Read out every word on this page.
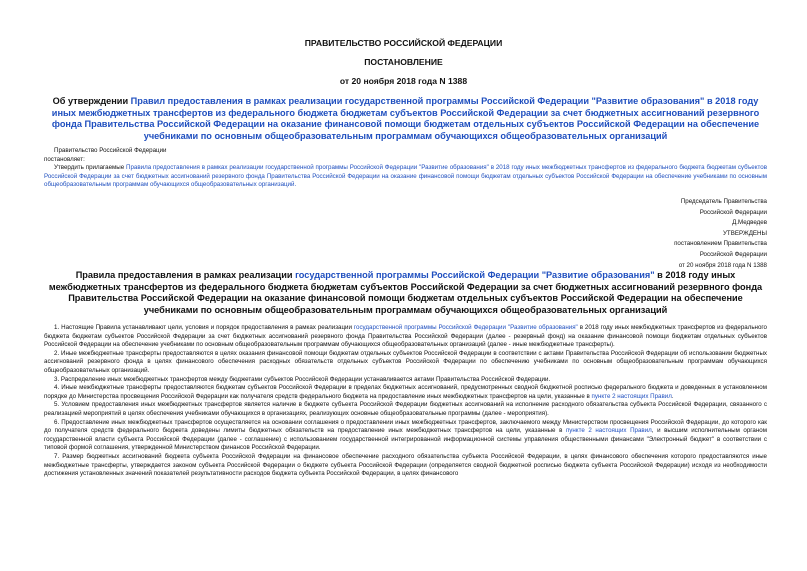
ПРАВИТЕЛЬСТВО РОССИЙСКОЙ ФЕДЕРАЦИИ
ПОСТАНОВЛЕНИЕ
от 20 ноября 2018 года N 1388
Об утверждении Правил предоставления в рамках реализации государственной программы Российской Федерации "Развитие образования" в 2018 году иных межбюджетных трансфертов из федерального бюджета бюджетам субъектов Российской Федерации за счет бюджетных ассигнований резервного фонда Правительства Российской Федерации на оказание финансовой помощи бюджетам отдельных субъектов Российской Федерации на обеспечение учебниками по основным общеобразовательным программам обучающихся общеобразовательных организаций
Правительство Российской Федерации
постановляет:
Утвердить прилагаемые Правила предоставления в рамках реализации государственной программы Российской Федерации "Развитие образования" в 2018 году иных межбюджетных трансфертов из федерального бюджета бюджетам субъектов Российской Федерации за счет бюджетных ассигнований резервного фонда Правительства Российской Федерации на оказание финансовой помощи бюджетам отдельных субъектов Российской Федерации на обеспечение учебниками по основным общеобразовательным программам обучающихся общеобразовательных организаций.
Председатель Правительства
Российской Федерации
Д.Медведев
УТВЕРЖДЕНЫ
постановлением Правительства
Российской Федерации
от 20 ноября 2018 года N 1388
Правила предоставления в рамках реализации государственной программы Российской Федерации "Развитие образования" в 2018 году иных межбюджетных трансфертов из федерального бюджета бюджетам субъектов Российской Федерации за счет бюджетных ассигнований резервного фонда Правительства Российской Федерации на оказание финансовой помощи бюджетам отдельных субъектов Российской Федерации на обеспечение учебниками по основным общеобразовательным программам обучающихся общеобразовательных организаций
1. Настоящие Правила устанавливают цели, условия и порядок предоставления в рамках реализации государственной программы Российской Федерации "Развитие образования" в 2018 году иных межбюджетных трансфертов из федерального бюджета бюджетам субъектов Российской Федерации за счет бюджетных ассигнований резервного фонда Правительства Российской Федерации (далее - резервный фонд) на оказание финансовой помощи бюджетам отдельных субъектов Российской Федерации на обеспечение учебниками по основным общеобразовательным программам обучающихся общеобразовательных организаций (далее - иные межбюджетные трансферты).
2. Иные межбюджетные трансферты предоставляются в целях оказания финансовой помощи бюджетам отдельных субъектов Российской Федерации в соответствии с актами Правительства Российской Федерации об использовании бюджетных ассигнований резервного фонда в целях финансового обеспечения расходных обязательств отдельных субъектов Российской Федерации по обеспечению учебниками по основным общеобразовательным программам обучающихся общеобразовательных организаций.
3. Распределение иных межбюджетных трансфертов между бюджетами субъектов Российской Федерации устанавливается актами Правительства Российской Федерации.
4. Иные межбюджетные трансферты предоставляются бюджетам субъектов Российской Федерации в пределах бюджетных ассигнований, предусмотренных сводной бюджетной росписью федерального бюджета и доведенных в установленном порядке до Министерства просвещения Российской Федерации как получателя средств федерального бюджета на предоставление иных межбюджетных трансфертов на цели, указанные в пункте 2 настоящих Правил.
5. Условием предоставления иных межбюджетных трансфертов является наличие в бюджете субъекта Российской Федерации бюджетных ассигнований на исполнение расходного обязательства субъекта Российской Федерации, связанного с реализацией мероприятий в целях обеспечения учебниками обучающихся в организациях, реализующих основные общеобразовательные программы (далее - мероприятия).
6. Предоставление иных межбюджетных трансфертов осуществляется на основании соглашения о предоставлении иных межбюджетных трансфертов, заключаемого между Министерством просвещения Российской Федерации, до которого как до получателя средств федерального бюджета доведены лимиты бюджетных обязательств на предоставление иных межбюджетных трансфертов на цели, указанные в пункте 2 настоящих Правил, и высшим исполнительным органом государственной власти субъекта Российской Федерации (далее - соглашение) с использованием государственной интегрированной информационной системы управления общественными финансами "Электронный бюджет" в соответствии с типовой формой соглашения, утвержденной Министерством финансов Российской Федерации.
7. Размер бюджетных ассигнований бюджета субъекта Российской Федерации на финансовое обеспечение расходного обязательства субъекта Российской Федерации, в целях финансового обеспечения которого предоставляются иные межбюджетные трансферты, утверждается законом субъекта Российской Федерации о бюджете субъекта Российской Федерации (определяется сводной бюджетной росписью бюджета субъекта Российской Федерации) исходя из необходимости достижения установленных значений показателей результативности расходов бюджета субъекта Российской Федерации, в целях финансового
